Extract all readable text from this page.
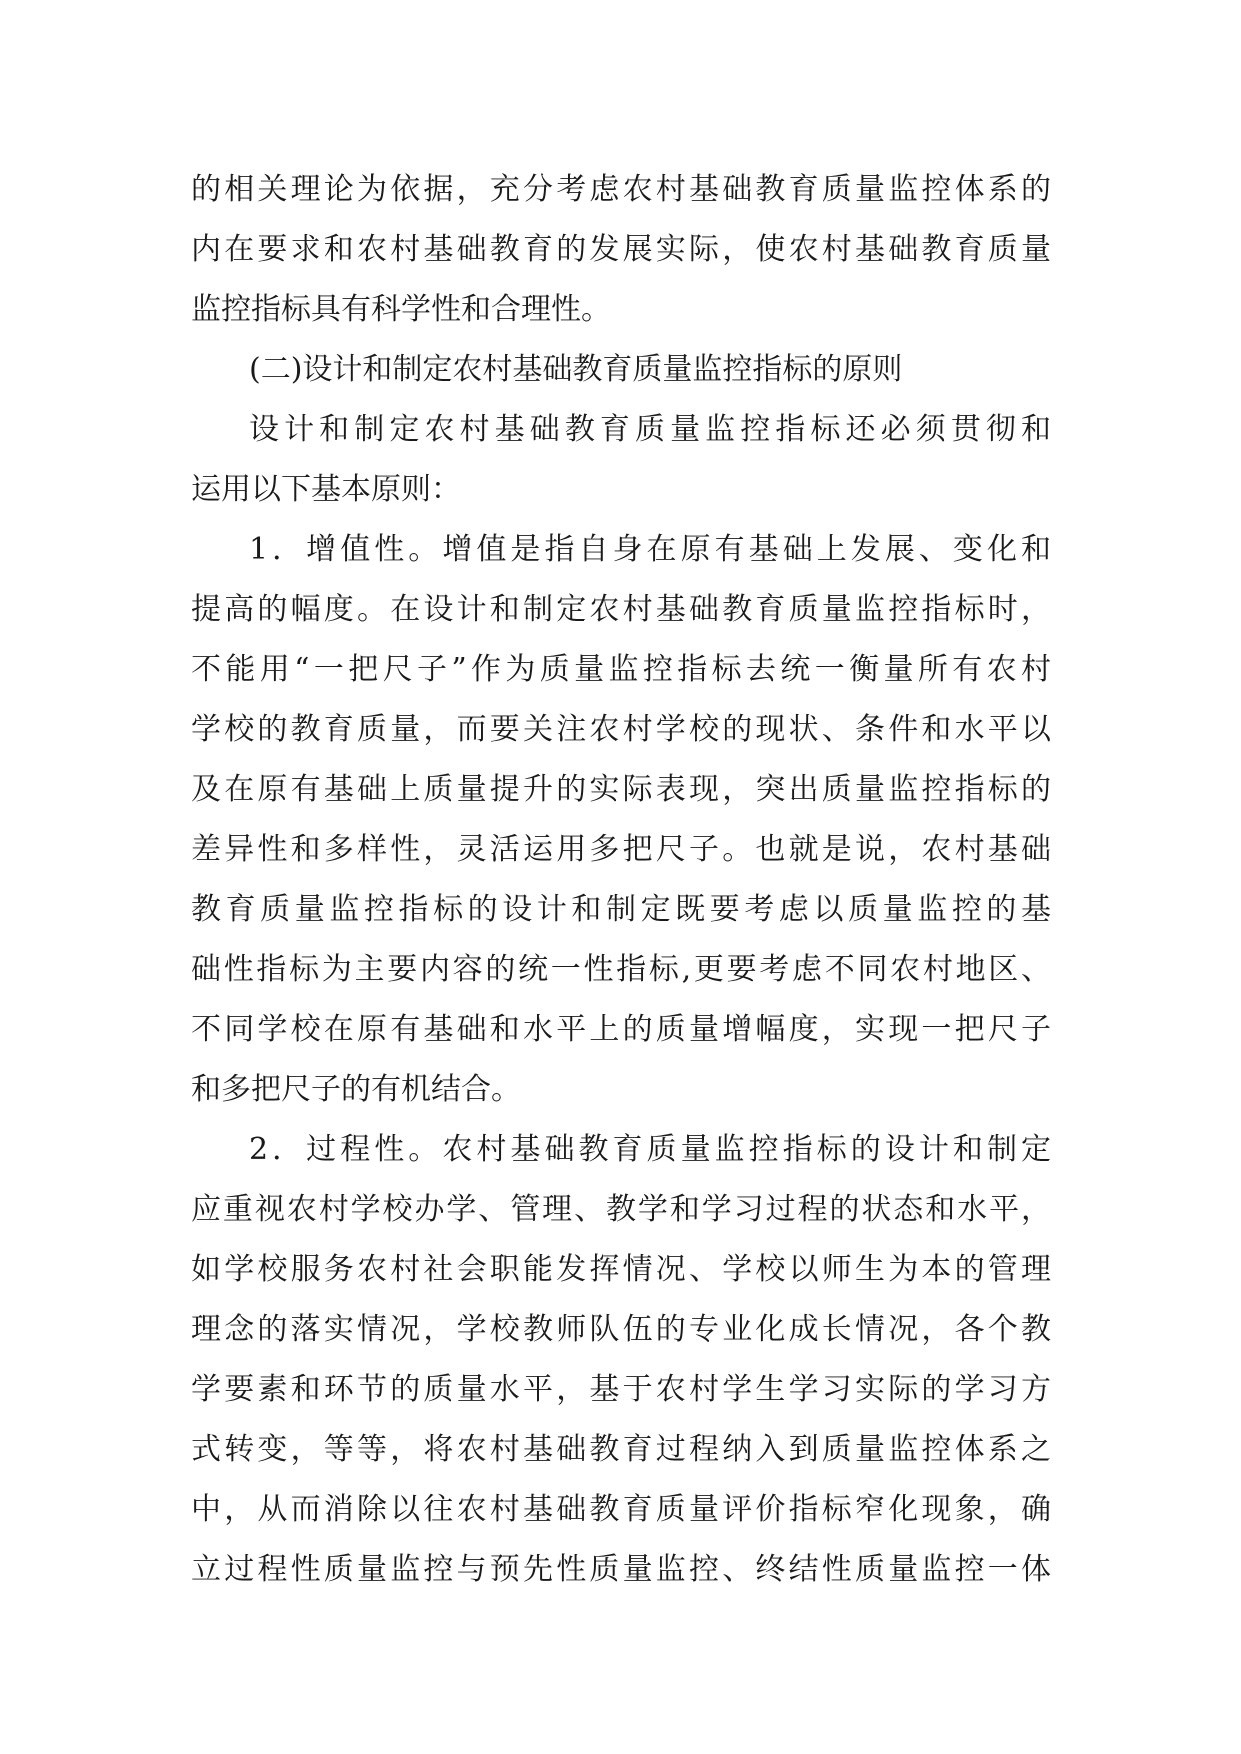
的相关理论为依据，充分考虑农村基础教育质量监控体系的
内在要求和农村基础教育的发展实际，使农村基础教育质量
监控指标具有科学性和合理性。
(二)设计和制定农村基础教育质量监控指标的原则
设计和制定农村基础教育质量监控指标还必须贯彻和
运用以下基本原则：
1．增值性。增值是指自身在原有基础上发展、变化和
提高的幅度。在设计和制定农村基础教育质量监控指标时，
不能用“一把尺子”作为质量监控指标去统一衡量所有农村
学校的教育质量，而要关注农村学校的现状、条件和水平以
及在原有基础上质量提升的实际表现，突出质量监控指标的
差异性和多样性，灵活运用多把尺子。也就是说，农村基础
教育质量监控指标的设计和制定既要考虑以质量监控的基
础性指标为主要内容的统一性指标,更要考虑不同农村地区、
不同学校在原有基础和水平上的质量增幅度，实现一把尺子
和多把尺子的有机结合。
2．过程性。农村基础教育质量监控指标的设计和制定
应重视农村学校办学、管理、教学和学习过程的状态和水平，
如学校服务农村社会职能发挥情况、学校以师生为本的管理
理念的落实情况，学校教师队伍的专业化成长情况，各个教
学要素和环节的质量水平，基于农村学生学习实际的学习方
式转变，等等，将农村基础教育过程纳入到质量监控体系之
中，从而消除以往农村基础教育质量评价指标窄化现象，确
立过程性质量监控与预先性质量监控、终结性质量监控一体
